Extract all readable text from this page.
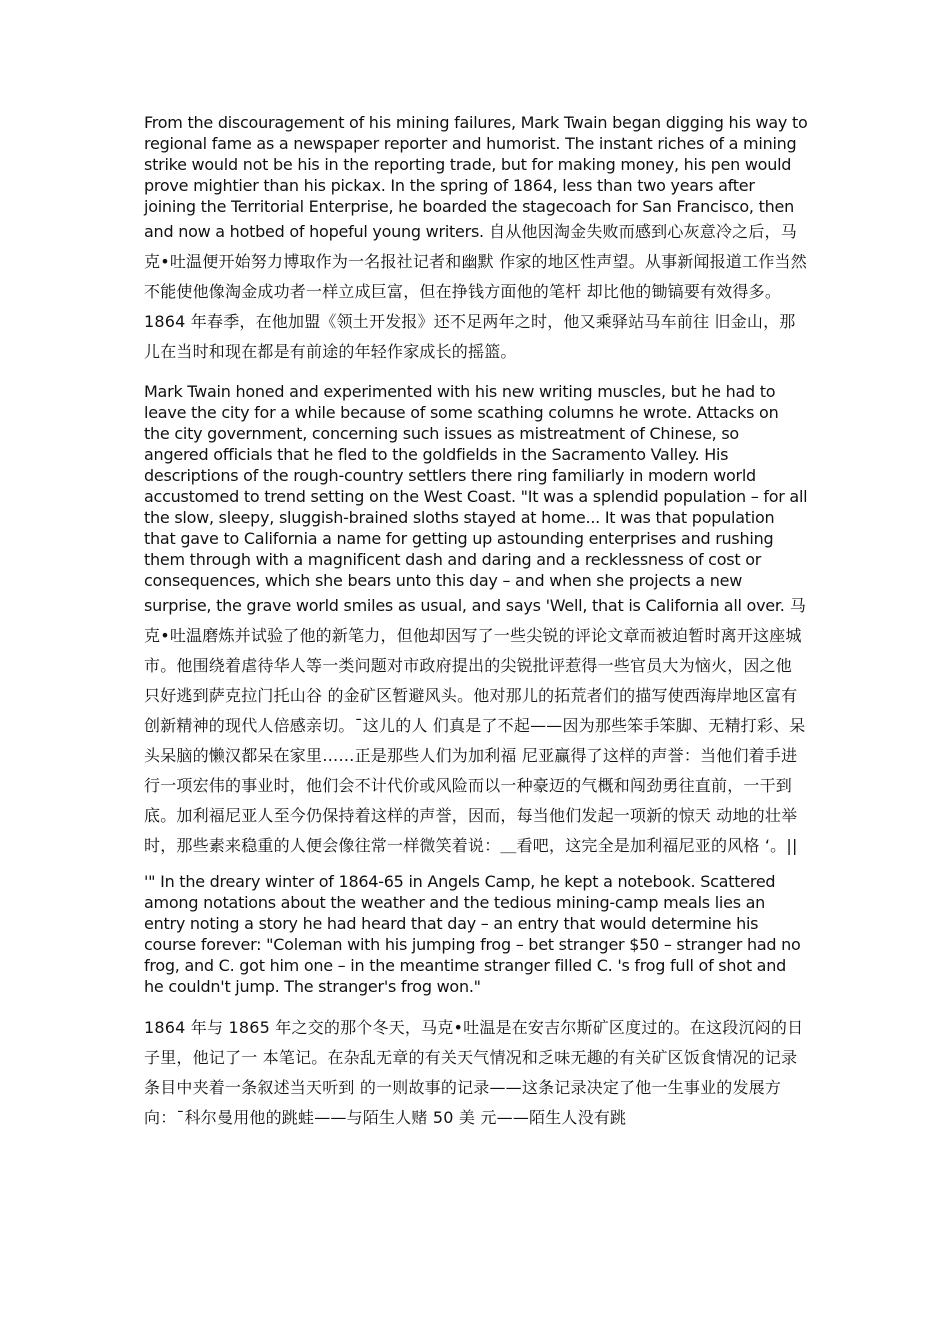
From the discouragement of his mining failures, Mark Twain began digging his way to regional fame as a newspaper reporter and humorist. The instant riches of a mining strike would not be his in the reporting trade, but for making money, his pen would prove mightier than his pickax. In the spring of 1864, less than two years after joining the Territorial Enterprise, he boarded the stagecoach for San Francisco, then and now a hotbed of hopeful young writers. 自从他因淘金失败而感到心灰意冷之后，马克•吐温便开始努力博取作为一名报社记者和幽默 作家的地区性声望。从事新闻报道工作当然不能使他像淘金成功者一样立成巨富，但在挣钱方面他的笔杆 却比他的锄镐要有效得多。1864 年春季，在他加盟《领土开发报》还不足两年之时，他又乘驿站马车前往 旧金山，那儿在当时和现在都是有前途的年轻作家成长的摇篮。

Mark Twain honed and experimented with his new writing muscles, but he had to leave the city for a while because of some scathing columns he wrote. Attacks on the city government, concerning such issues as mistreatment of Chinese, so angered officials that he fled to the goldfields in the Sacramento Valley. His descriptions of the rough-country settlers there ring familiarly in modern world accustomed to trend setting on the West Coast. "It was a splendid population – for all the slow, sleepy, sluggish-brained sloths stayed at home... It was that population that gave to California a name for getting up astounding enterprises and rushing them through with a magnificent dash and daring and a recklessness of cost or consequences, which she bears unto this day – and when she projects a new surprise, the grave world smiles as usual, and says 'Well, that is California all over. 马克•吐温磨炼并试验了他的新笔力，但他却因写了一些尖锐的评论文章而被迫暂时离开这座城市。他围绕着虐待华人等一类问题对市政府提出的尖锐批评惹得一些官员大为恼火，因之他只好逃到萨克拉门托山谷 的金矿区暂避风头。他对那儿的拓荒者们的描写使西海岸地区富有创新精神的现代人倍感亲切。¯这儿的人 们真是了不起——因为那些笨手笨脚、无精打彩、呆头呆脑的懒汉都呆在家里……正是那些人们为加利福 尼亚赢得了这样的声誉：当他们着手进行一项宏伟的事业时，他们会不计代价或风险而以一种豪迈的气概和闯劲勇往直前，一干到底。加利福尼亚人至今仍保持着这样的声誉，因而，每当他们发起一项新的惊天 动地的壮举时，那些素来稳重的人便会像往常一样微笑着说：＿看吧，这完全是加利福尼亚的风格 ‘。||

'" In the dreary winter of 1864-65 in Angels Camp, he kept a notebook. Scattered among notations about the weather and the tedious mining-camp meals lies an entry noting a story he had heard that day – an entry that would determine his course forever: "Coleman with his jumping frog – bet stranger $50 – stranger had no frog, and C. got him one – in the meantime stranger filled C. 's frog full of shot and he couldn't jump. The stranger's frog won."

1864 年与 1865 年之交的那个冬天，马克•吐温是在安吉尔斯矿区度过的。在这段沉闷的日子里，他记了一 本笔记。在杂乱无章的有关天气情况和乏味无趣的有关矿区饭食情况的记录条目中夹着一条叙述当天听到 的一则故事的记录——这条记录决定了他一生事业的发展方向：¯科尔曼用他的跳蛙——与陌生人赌 50 美 元——陌生人没有跳
